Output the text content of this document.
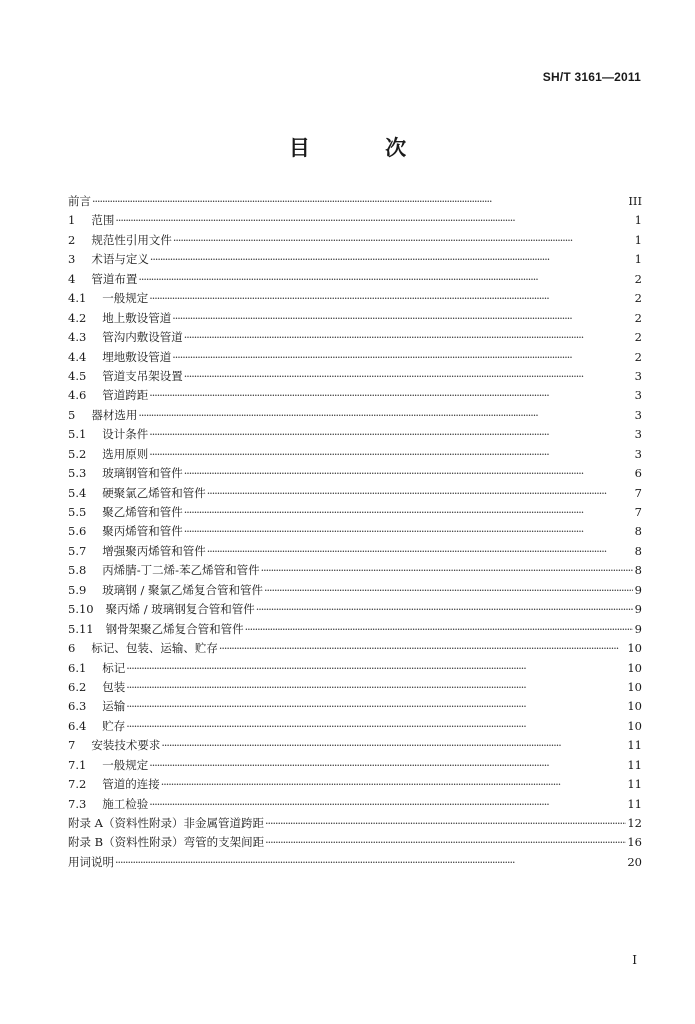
SH/T 3161—2011
目 次
前言 ·····	III
1 范围 ·····	1
2 规范性引用文件 ·····	1
3 术语与定义 ·····	1
4 管道布置 ·····	2
4.1 一般规定 ·····	2
4.2 地上敷设管道 ·····	2
4.3 管沟内敷设管道 ·····	2
4.4 埋地敷设管道 ·····	2
4.5 管道支吊架设置 ·····	3
4.6 管道跨距 ·····	3
5 器材选用 ·····	3
5.1 设计条件 ·····	3
5.2 选用原则 ·····	3
5.3 玻璃钢管和管件 ·····	6
5.4 硬聚氯乙烯管和管件 ·····	7
5.5 聚乙烯管和管件 ·····	7
5.6 聚丙烯管和管件 ·····	8
5.7 增强聚丙烯管和管件 ·····	8
5.8 丙烯腈-丁二烯-苯乙烯管和管件 ·····	8
5.9 玻璃钢 / 聚氯乙烯复合管和管件 ·····	9
5.10 聚丙烯 / 玻璃钢复合管和管件 ·····	9
5.11 钢骨架聚乙烯复合管和管件 ·····	9
6 标记、包装、运输、贮存 ·····	10
6.1 标记 ·····	10
6.2 包装 ·····	10
6.3 运输 ·····	10
6.4 贮存 ·····	10
7 安装技术要求 ·····	11
7.1 一般规定 ·····	11
7.2 管道的连接 ·····	11
7.3 施工检验 ·····	11
附录 A（资料性附录）非金属管道跨距 ·····	12
附录 B（资料性附录）弯管的支架间距 ·····	16
用词说明 ·····	20
I
